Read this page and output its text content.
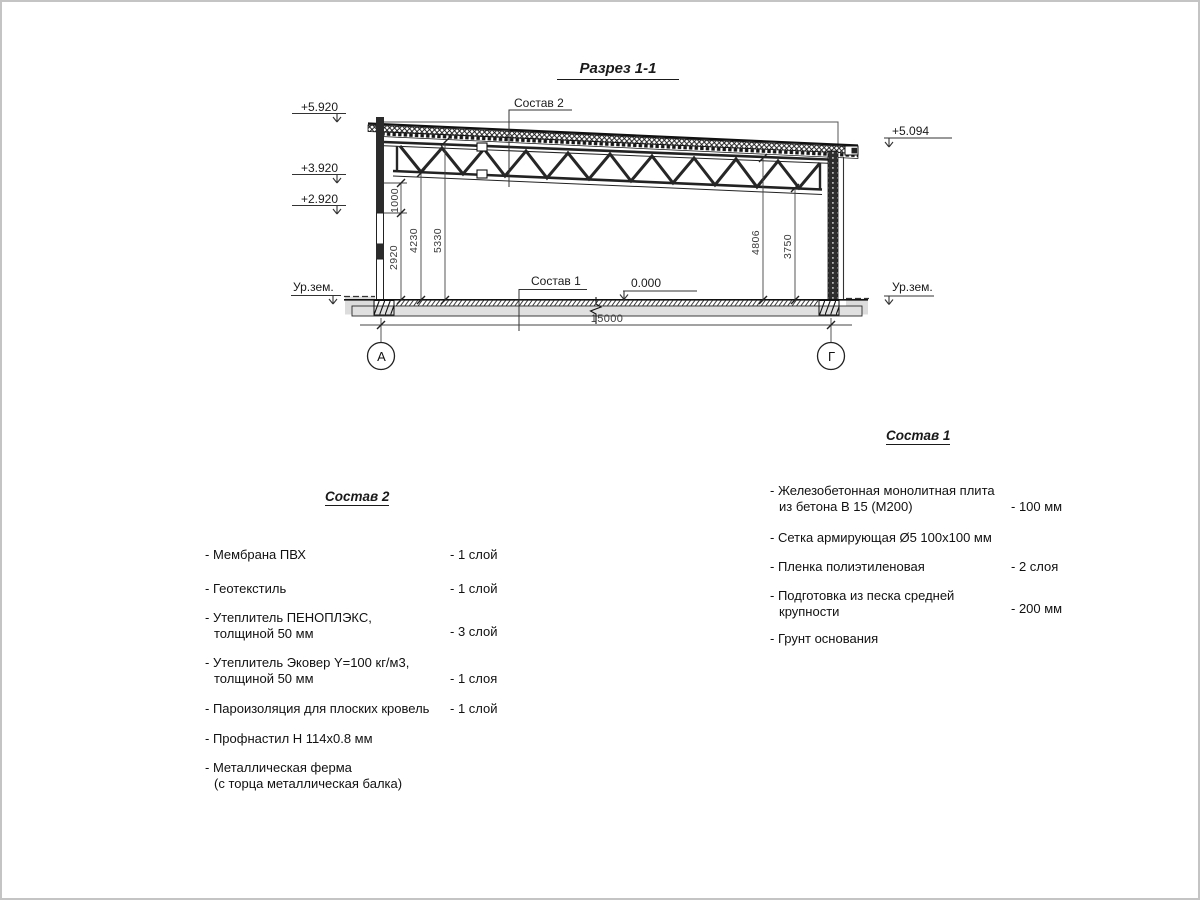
Разрез 1-1
Состав 2
Состав 1	0.000
+5.920
+3.920
+2.920
+5.094
Ур.зем.	Ур.зем.
1000
2920
4230 5330	4806 3750
15000
А	Г
Состав 2
- Мембрана ПВХ	- 1 слой
- Геотекстиль	- 1 слой
- Утеплитель ПЕНОПЛЭКС,
толщиной 50 мм	- 3 слой
- Утеплитель Эковер Y=100 кг/м3,
толщиной 50 мм	- 1 слоя
- Пароизоляция для плоских кровель - 1 слой
- Профнастил Н 114х0.8 мм
- Металлическая ферма
(с торца металлическая балка)
Состав 1
- Железобетонная монолитная плита
из бетона В 15 (М200)	- 100 мм
- Сетка армирующая Ø5 100х100 мм
- Пленка полиэтиленовая	- 2 слоя
- Подготовка из песка средней
крупности	- 200 мм
- Грунт основания
